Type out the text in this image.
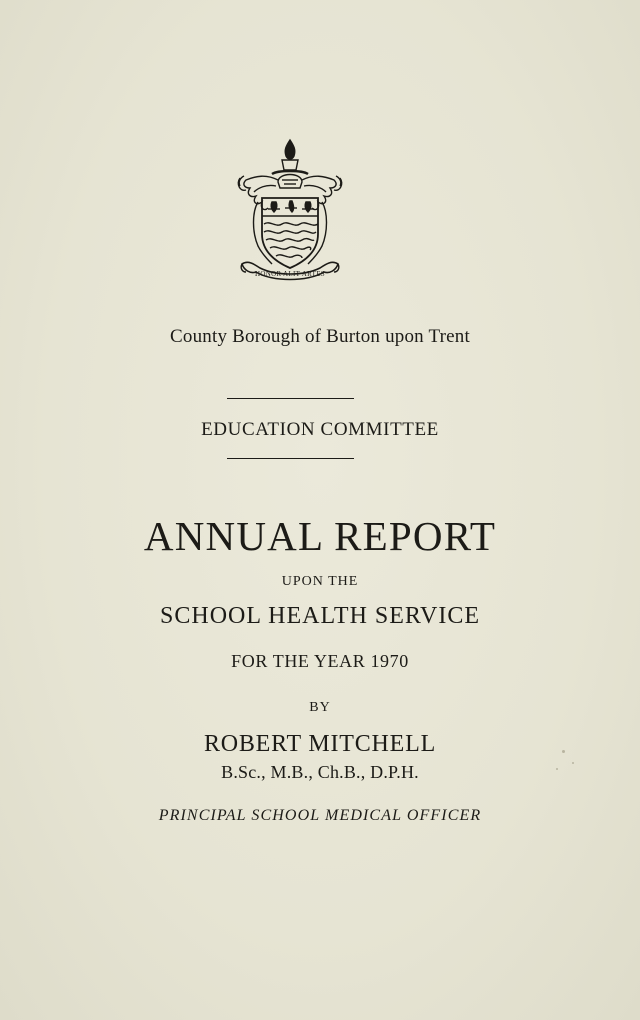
HONOR ALIT ARTES
County Borough of Burton upon Trent
EDUCATION COMMITTEE
ANNUAL REPORT
UPON THE
SCHOOL HEALTH SERVICE
FOR THE YEAR 1970
BY
ROBERT MITCHELL
B.Sc., M.B., Ch.B., D.P.H.
PRINCIPAL SCHOOL MEDICAL OFFICER
